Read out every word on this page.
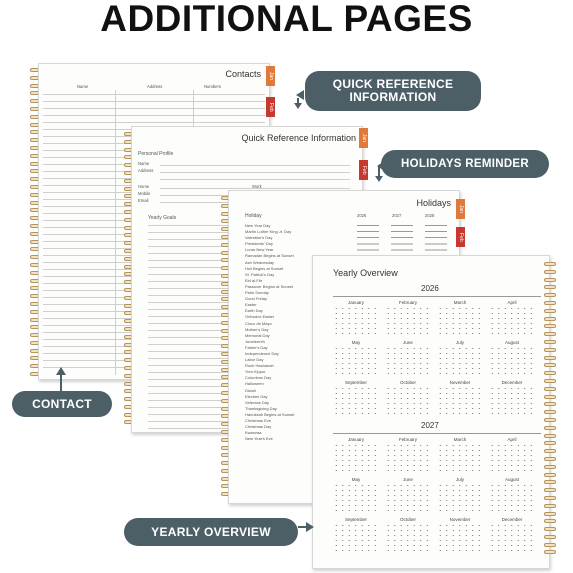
ADDITIONAL PAGES
Contacts
Name	Address	Numbers
Jan
Feb
Quick Reference Information
Personal Profile
Name
Address
Home	Work
Mobile
Email
Yearly Goals
Jan
Feb
Holidays
Holiday	2026	2027	2028
New Year Day
Martin Luther King Jr. Day
Valentine's Day
Presidents' Day
Lunar New Year
Ramadan Begins at Sunset
Ash Wednesday
Holi Begins at Sunset
St. Patrick's Day
Eid al-Fitr
Passover Begins at Sunset
Palm Sunday
Good Friday
Easter
Earth Day
Orthodox Easter
Cinco de Mayo
Mother's Day
Memorial Day
Juneteenth
Father's Day
Independence Day
Labor Day
Rosh Hashanah
Yom Kippur
Columbus Day
Halloween
Diwali
Election Day
Veterans Day
Thanksgiving Day
Hanukkah Begins at Sunset
Christmas Eve
Christmas Day
Kwanzaa
New Year's Eve
Jan
Feb
Yearly Overview
2026
January	February	March	April
May	June	July	August
September	October	November	December
2027
January	February	March	April
May	June	July	August
September	October	November	December
QUICK REFERENCE INFORMATION
HOLIDAYS REMINDER
CONTACT
YEARLY OVERVIEW
